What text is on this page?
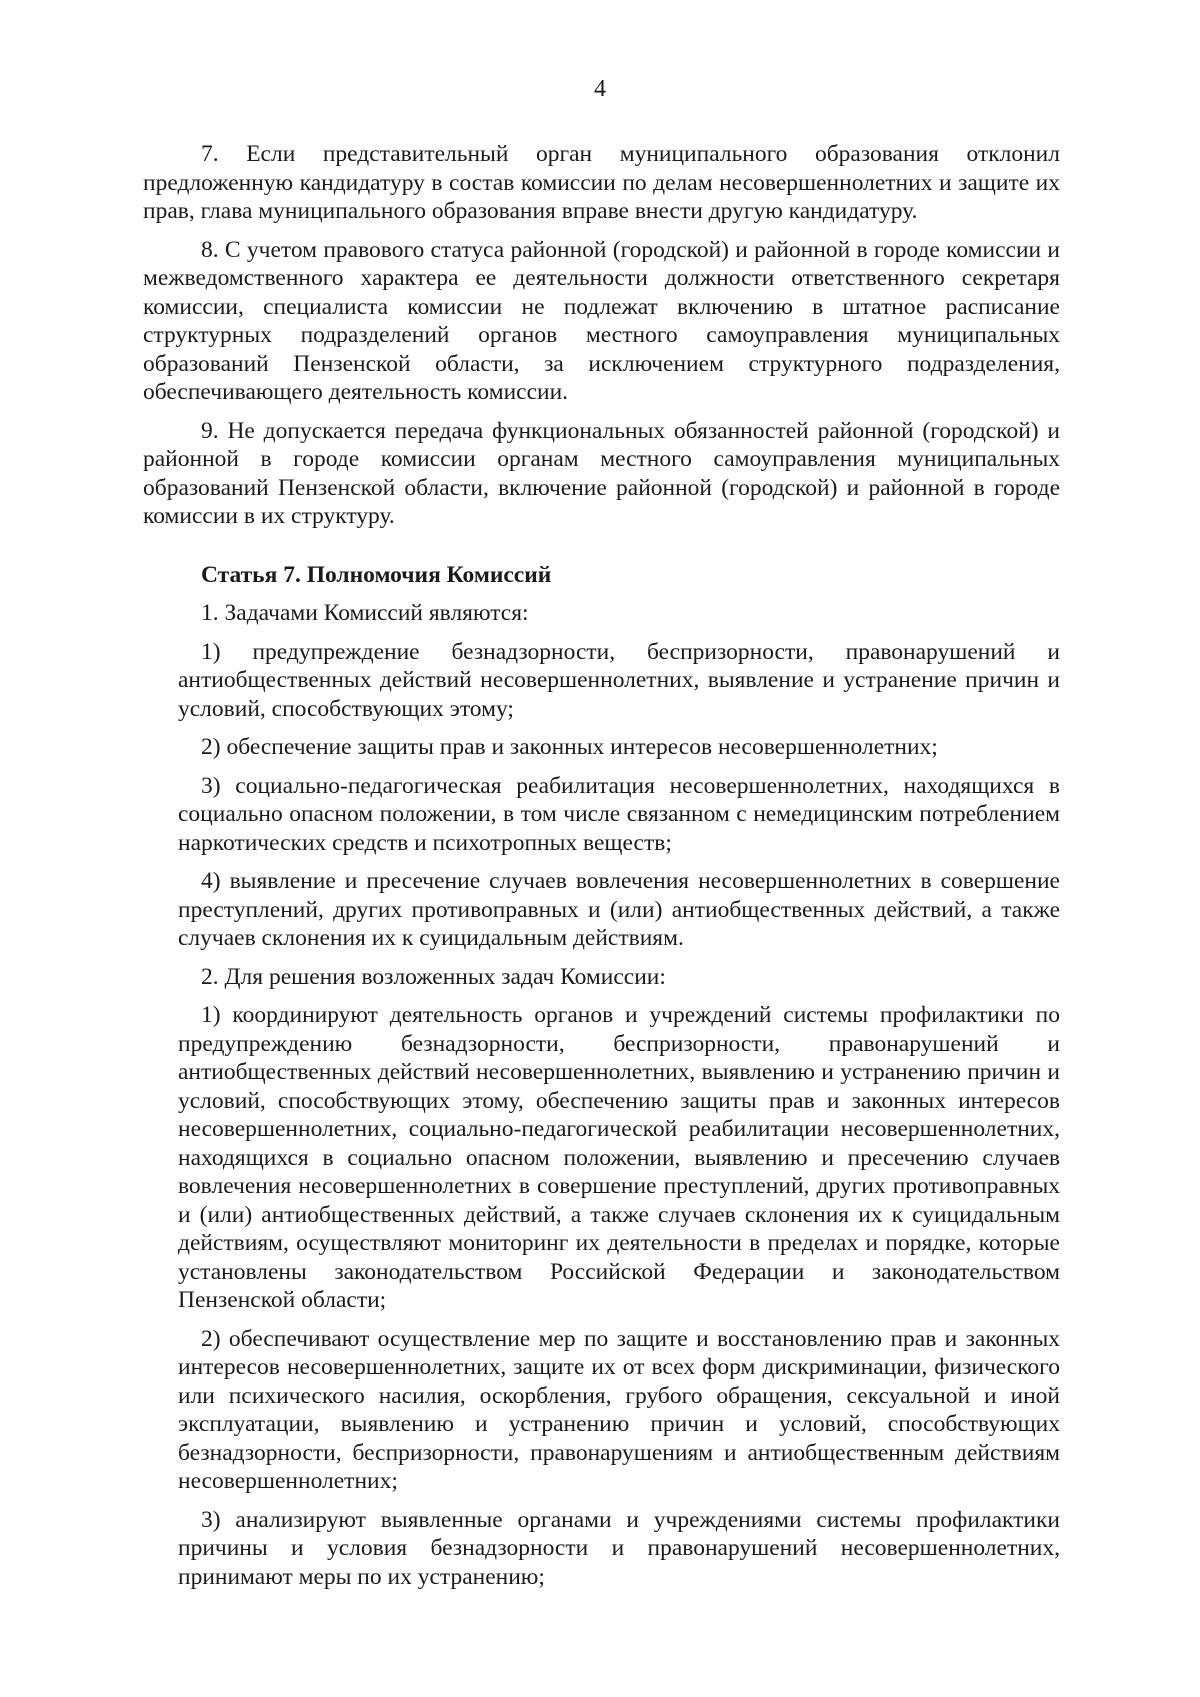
4

7. Если представительный орган муниципального образования отклонил предложенную кандидатуру в состав комиссии по делам несовершеннолетних и защите их прав, глава муниципального образования вправе внести другую кандидатуру.

8. С учетом правового статуса районной (городской) и районной в городе комиссии и межведомственного характера ее деятельности должности ответственного секретаря комиссии, специалиста комиссии не подлежат включению в штатное расписание структурных подразделений органов местного самоуправления муниципальных образований Пензенской области, за исключением структурного подразделения, обеспечивающего деятельность комиссии.

9. Не допускается передача функциональных обязанностей районной (городской) и районной в городе комиссии органам местного самоуправления муниципальных образований Пензенской области, включение районной (городской) и районной в городе комиссии в их структуру.

Статья 7. Полномочия Комиссий

1. Задачами Комиссий являются:

1) предупреждение безнадзорности, беспризорности, правонарушений и антиобщественных действий несовершеннолетних, выявление и устранение причин и условий, способствующих этому;

2) обеспечение защиты прав и законных интересов несовершеннолетних;

3) социально-педагогическая реабилитация несовершеннолетних, находящихся в социально опасном положении, в том числе связанном с немедицинским потреблением наркотических средств и психотропных веществ;

4) выявление и пресечение случаев вовлечения несовершеннолетних в совершение преступлений, других противоправных и (или) антиобщественных действий, а также случаев склонения их к суицидальным действиям.

2. Для решения возложенных задач Комиссии:

1) координируют деятельность органов и учреждений системы профилактики по предупреждению безнадзорности, беспризорности, правонарушений и антиобщественных действий несовершеннолетних, выявлению и устранению причин и условий, способствующих этому, обеспечению защиты прав и законных интересов несовершеннолетних, социально-педагогической реабилитации несовершеннолетних, находящихся в социально опасном положении, выявлению и пресечению случаев вовлечения несовершеннолетних в совершение преступлений, других противоправных и (или) антиобщественных действий, а также случаев склонения их к суицидальным действиям, осуществляют мониторинг их деятельности в пределах и порядке, которые установлены законодательством Российской Федерации и законодательством Пензенской области;

2) обеспечивают осуществление мер по защите и восстановлению прав и законных интересов несовершеннолетних, защите их от всех форм дискриминации, физического или психического насилия, оскорбления, грубого обращения, сексуальной и иной эксплуатации, выявлению и устранению причин и условий, способствующих безнадзорности, беспризорности, правонарушениям и антиобщественным действиям несовершеннолетних;

3) анализируют выявленные органами и учреждениями системы профилактики причины и условия безнадзорности и правонарушений несовершеннолетних, принимают меры по их устранению;
